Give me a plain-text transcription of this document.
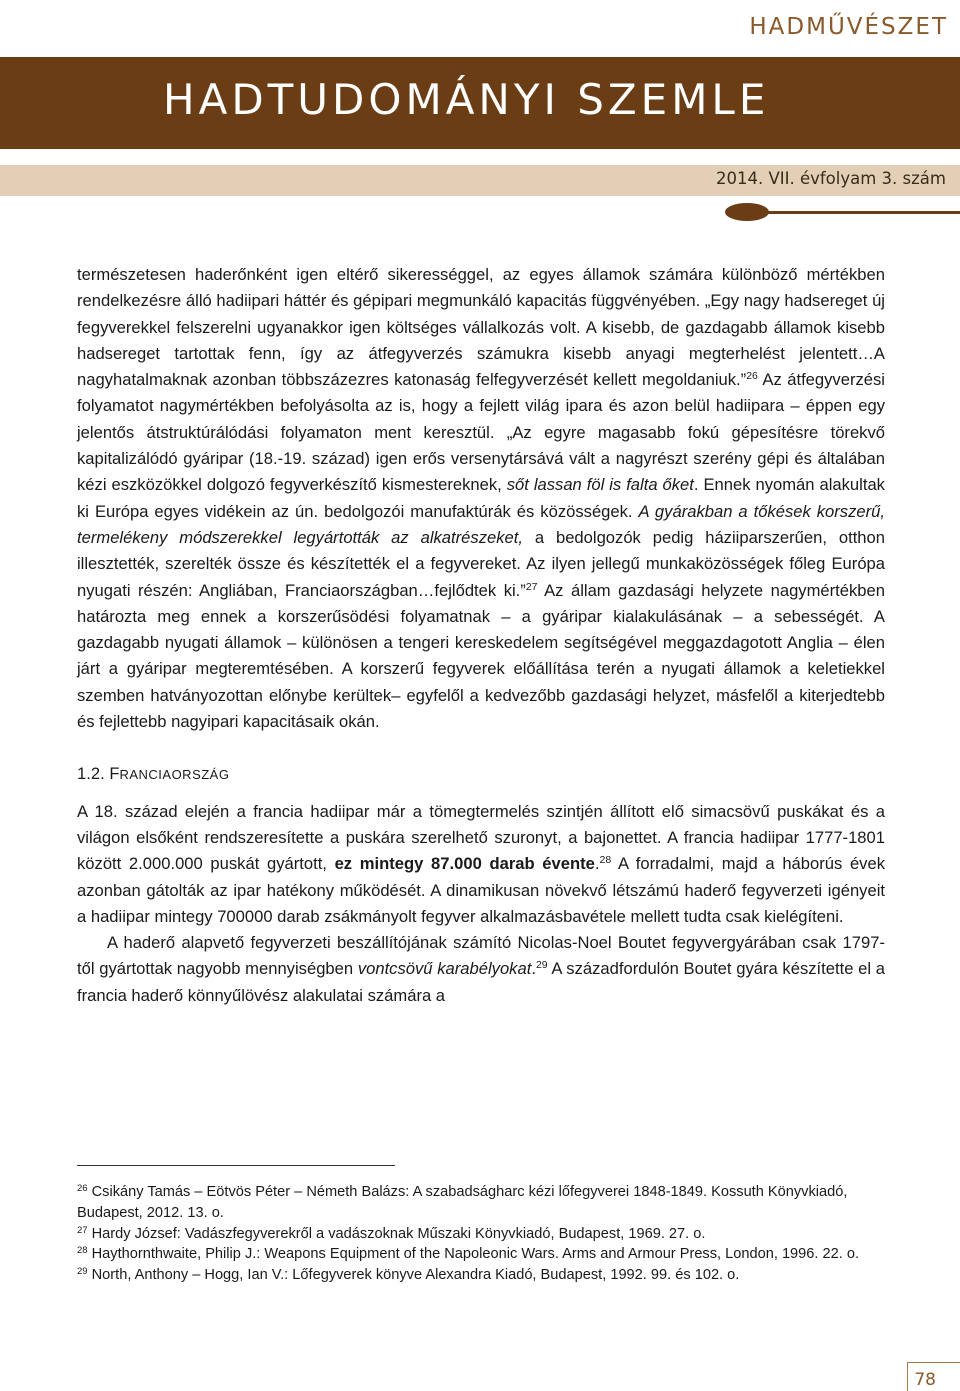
HADMŰVÉSZET
HADTUDOMÁNYI SZEMLE
2014. VII. évfolyam 3. szám

természetesen haderőnként igen eltérő sikerességgel, az egyes államok számára különböző mértékben rendelkezésre álló hadiipari háttér és gépipari megmunkáló kapacitás függvényében. „Egy nagy hadsereget új fegyverekkel felszerelni ugyanakkor igen költséges vállalkozás volt. A kisebb, de gazdagabb államok kisebb hadsereget tartottak fenn, így az átfegyverzés számukra kisebb anyagi megterhelést jelentett…A nagyhatalmaknak azonban többszázezres katonaság felfegyverzését kellett megoldaniuk.”$^{26}$ Az átfegyverzési folyamatot nagymértékben befolyásolta az is, hogy a fejlett világ ipara és azon belül hadiipara – éppen egy jelentős átstruktúrálódási folyamaton ment keresztül. „Az egyre magasabb fokú gépesítésre törekvő kapitalizálódó gyáripar (18.-19. század) igen erős versenytársává vált a nagyrészt szerény gépi és általában kézi eszközökkel dolgozó fegyverkészítő kismestereknek, sőt lassan föl is falta őket. Ennek nyomán alakultak ki Európa egyes vidékein az ún. bedolgozói manufaktúrák és közösségek. A gyárakban a tőkések korszerű, termelékeny módszerekkel legyártották az alkatrészeket, a bedolgozók pedig háziiparszerűen, otthon illesztették, szerelték össze és készítették el a fegyvereket. Az ilyen jellegű munkaközösségek főleg Európa nyugati részén: Angliában, Franciaországban…fejlődtek ki.”$^{27}$ Az állam gazdasági helyzete nagymértékben határozta meg ennek a korszerűsödési folyamatnak – a gyáripar kialakulásának – a sebességét. A gazdagabb nyugati államok – különösen a tengeri kereskedelem segítségével meggazdagotott Anglia – élen járt a gyáripar megteremtésében. A korszerű fegyverek előállítása terén a nyugati államok a keletiekkel szemben hatványozottan előnybe kerültek– egyfelől a kedvezőbb gazdasági helyzet, másfelől a kiterjedtebb és fejlettebb nagyipari kapacitásaik okán.

1.2. FRANCIAORSZÁG

A 18. század elején a francia hadiipar már a tömegtermelés szintjén állított elő simacsövű puskákat és a világon elsőként rendszeresítette a puskára szerelhető szuronyt, a bajonettet. A francia hadiipar 1777-1801 között 2.000.000 puskát gyártott, ez mintegy 87.000 darab évente.$^{28}$ A forradalmi, majd a háborús évek azonban gátolták az ipar hatékony működését. A dinamikusan növekvő létszámú haderő fegyverzeti igényeit a hadiipar mintegy 700000 darab zsákmányolt fegyver alkalmazásbavétele mellett tudta csak kielégíteni.

A haderő alapvető fegyverzeti beszállítójának számító Nicolas-Noel Boutet fegyvergyárában csak 1797-től gyártottak nagyobb mennyiségben vontcsövű karabélyokat.$^{29}$ A századfordulón Boutet gyára készítette el a francia haderő könnyűlövész alakulatai számára a

$^{26}$ Csikány Tamás – Eötvös Péter – Németh Balázs: A szabadságharc kézi lőfegyverei 1848-1849. Kossuth Könyvkiadó, Budapest, 2012. 13. o.

$^{27}$ Hardy József: Vadászfegyverekről a vadászoknak Műszaki Könyvkiadó, Budapest, 1969. 27. o.

$^{28}$ Haythornthwaite, Philip J.: Weapons Equipment of the Napoleonic Wars. Arms and Armour Press, London, 1996. 22. o.

$^{29}$ North, Anthony – Hogg, Ian V.: Lőfegyverek könyve Alexandra Kiadó, Budapest, 1992. 99. és 102. o.

78
